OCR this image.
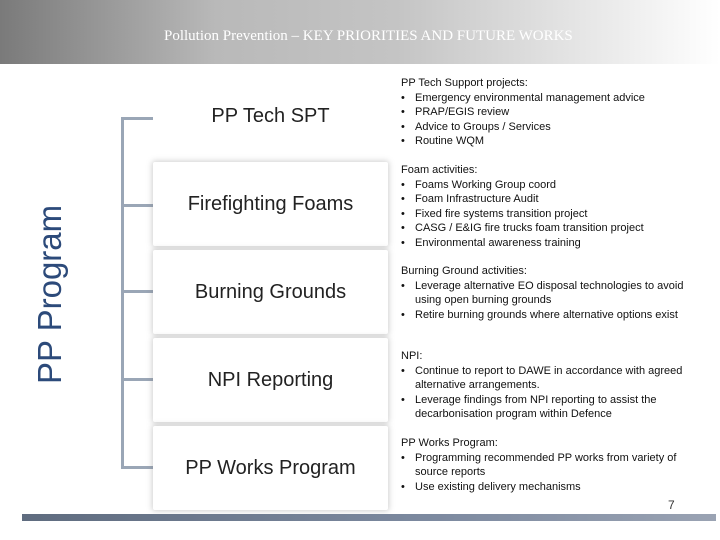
Pollution Prevention – KEY PRIORITIES AND FUTURE WORKS
PP Program
PP Tech SPT
Firefighting Foams
Burning Grounds
NPI Reporting
PP Works Program
PP Tech Support projects:
• Emergency environmental management advice
• PRAP/EGIS review
• Advice to Groups / Services
• Routine WQM
Foam activities:
• Foams Working Group coord
• Foam Infrastructure Audit
• Fixed fire systems transition project
• CASG / E&IG fire trucks foam transition project
• Environmental awareness training
Burning Ground activities:
• Leverage alternative EO disposal technologies to avoid using open burning grounds
• Retire burning grounds where alternative options exist
NPI:
• Continue to report to DAWE in accordance with agreed alternative arrangements.
• Leverage findings from NPI reporting to assist the decarbonisation program within Defence
PP Works Program:
• Programming recommended PP works from variety of source reports
• Use existing delivery mechanisms
7
